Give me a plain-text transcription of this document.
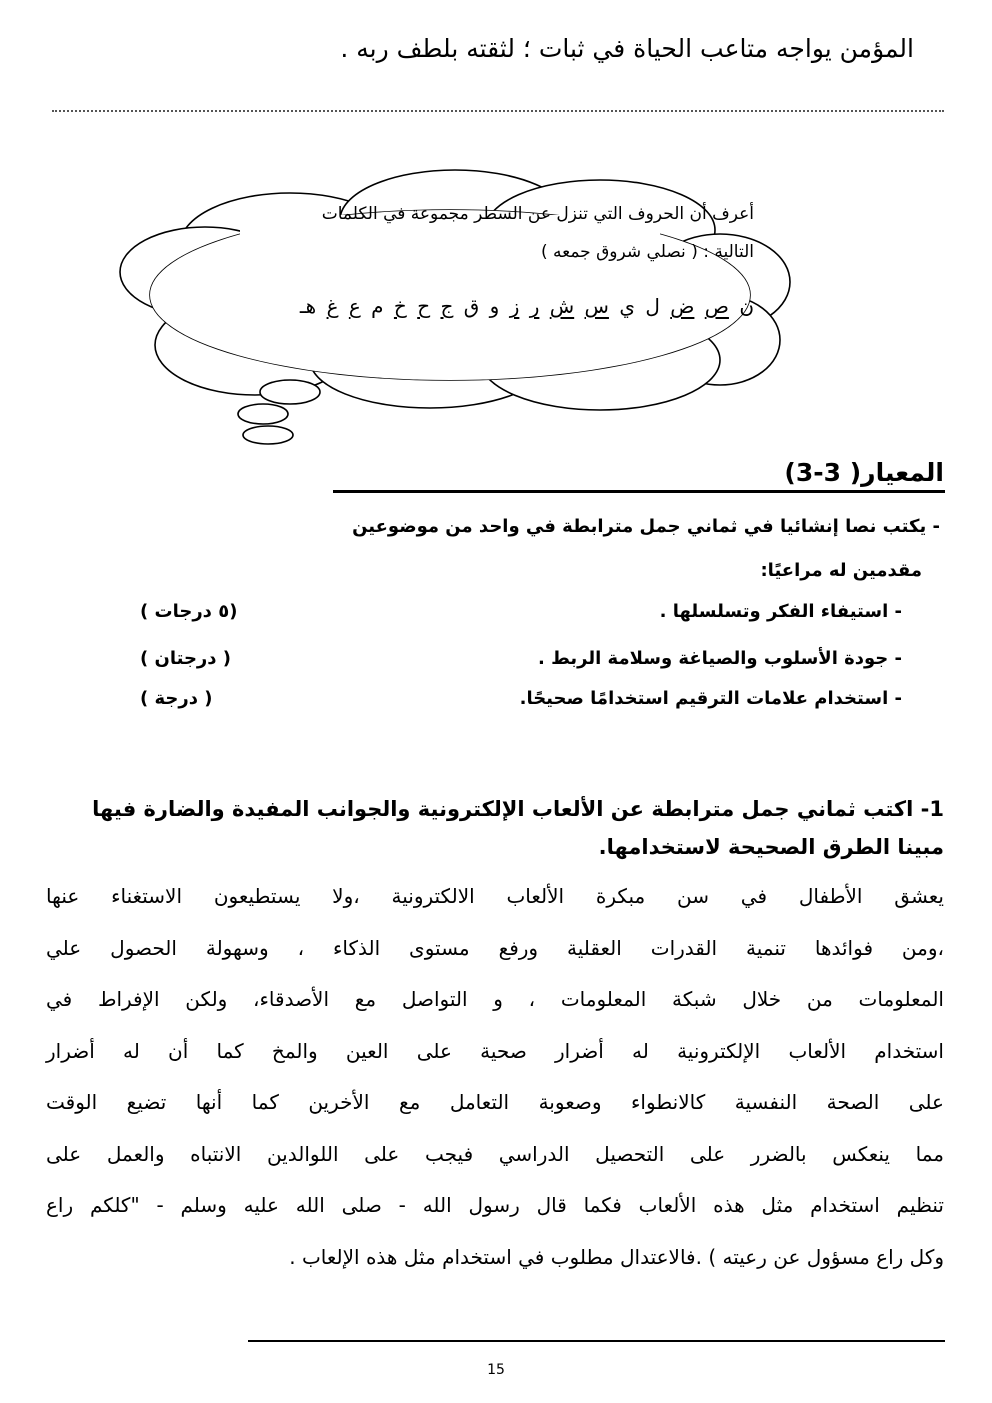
المؤمن يواجه متاعب الحياة في ثبات ؛ لثقته بلطف ربه .
أعرف أن الحروف التي تنزل عن السطر مجموعة في الكلمات
التالية : ( نصلي شروق جمعه )
ن ص ض ل ي س ش ر ز و ق ج ح خ م ع غ هـ
المعيار( 3-3)
- يكتب نصا إنشائيا في ثماني جمل مترابطة في واحد من موضوعين
مقدمين له مراعيًا:
- استيفاء الفكر وتسلسلها .
(٥ درجات )
- جودة الأسلوب والصياغة وسلامة الربط .
( درجتان )
- استخدام علامات الترقيم استخدامًا صحيحًا.
( درجة )
1- اكتب ثماني جمل مترابطة عن الألعاب الإلكترونية والجوانب المفيدة والضارة فيها مبينا الطرق الصحيحة لاستخدامها.
يعشق الأطفال في سن مبكرة الألعاب الالكترونية ،ولا يستطيعون الاستغناء عنها
،ومن فوائدها تنمية القدرات العقلية ورفع مستوى الذكاء ، وسهولة الحصول علي
المعلومات من خلال شبكة المعلومات ، و التواصل مع الأصدقاء، ولكن الإفراط في
استخدام الألعاب الإلكترونية له أضرار صحية على العين والمخ كما أن له أضرار
على الصحة النفسية كالانطواء وصعوبة التعامل مع الأخرين كما أنها تضيع الوقت
مما ينعكس بالضرر على التحصيل الدراسي فيجب على اللوالدين الانتباه والعمل على
تنظيم استخدام مثل هذه الألعاب فكما قال رسول الله - صلى الله عليه وسلم - "كلكم راع
وكل راع مسؤول عن رعيته ) .فالاعتدال مطلوب في استخدام مثل هذه الإلعاب .
15
